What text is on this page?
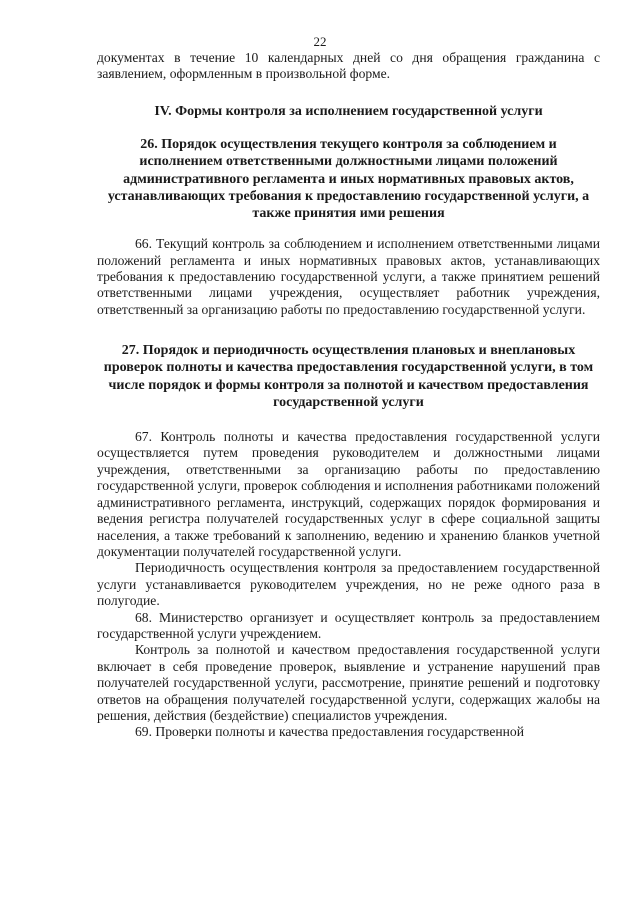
22

документах в течение 10 календарных дней со дня обращения гражданина с заявлением, оформленным в произвольной форме.

IV. Формы контроля за исполнением государственной услуги

26. Порядок осуществления текущего контроля за соблюдением и исполнением ответственными должностными лицами положений административного регламента и иных нормативных правовых актов, устанавливающих требования к предоставлению государственной услуги, а также принятия ими решения

66. Текущий контроль за соблюдением и исполнением ответственными лицами положений регламента и иных нормативных правовых актов, устанавливающих требования к предоставлению государственной услуги, а также принятием решений ответственными лицами учреждения, осуществляет работник учреждения, ответственный за организацию работы по предоставлению государственной услуги.

27. Порядок и периодичность осуществления плановых и внеплановых проверок полноты и качества предоставления государственной услуги, в том числе порядок и формы контроля за полнотой и качеством предоставления государственной услуги

67. Контроль полноты и качества предоставления государственной услуги осуществляется путем проведения руководителем и должностными лицами учреждения, ответственными за организацию работы по предоставлению государственной услуги, проверок соблюдения и исполнения работниками положений административного регламента, инструкций, содержащих порядок формирования и ведения регистра получателей государственных услуг в сфере социальной защиты населения, а также требований к заполнению, ведению и хранению бланков учетной документации получателей государственной услуги.

Периодичность осуществления контроля за предоставлением государственной услуги устанавливается руководителем учреждения, но не реже одного раза в полугодие.

68. Министерство организует и осуществляет контроль за предоставлением государственной услуги учреждением.

Контроль за полнотой и качеством предоставления государственной услуги включает в себя проведение проверок, выявление и устранение нарушений прав получателей государственной услуги, рассмотрение, принятие решений и подготовку ответов на обращения получателей государственной услуги, содержащих жалобы на решения, действия (бездействие) специалистов учреждения.

69. Проверки полноты и качества предоставления государственной
